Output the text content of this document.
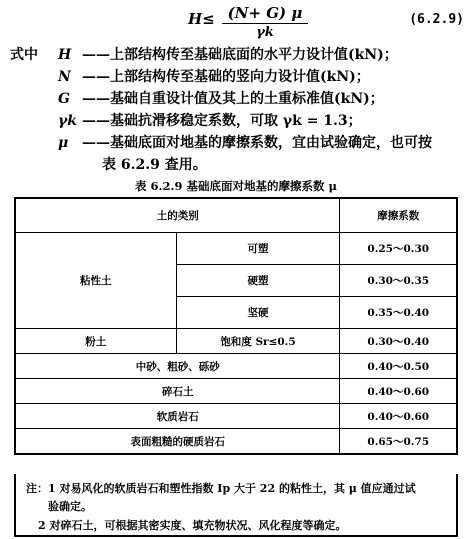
H≤ (N+ G) μ
γk
(6.2.9)
式中 H ——上部结构传至基础底面的水平力设计值(kN)；
N ——上部结构传至基础的竖向力设计值(kN)；
G ——基础自重设计值及其上的土重标准值(kN)；
γk ——基础抗滑移稳定系数，可取 γk = 1.3；
μ ——基础底面对地基的摩擦系数，宜由试验确定，也可按
表 6.2.9 查用。
表 6.2.9 基础底面对地基的摩擦系数 μ
土的类别		摩擦系数
粘性土	可塑	0.25～0.30
	硬塑	0.30～0.35
	坚硬	0.35～0.40
粉土	饱和度 Sr≤0.5	0.30～0.40
中砂、粗砂、砾砂		0.40～0.50
碎石土		0.40～0.60
软质岩石		0.40～0.60
表面粗糙的硬质岩石		0.65～0.75
注：1 对易风化的软质岩石和塑性指数 Ip 大于 22 的粘性土，其 μ 值应通过试
验确定。
2 对碎石土，可根据其密实度、填充物状况、风化程度等确定。
